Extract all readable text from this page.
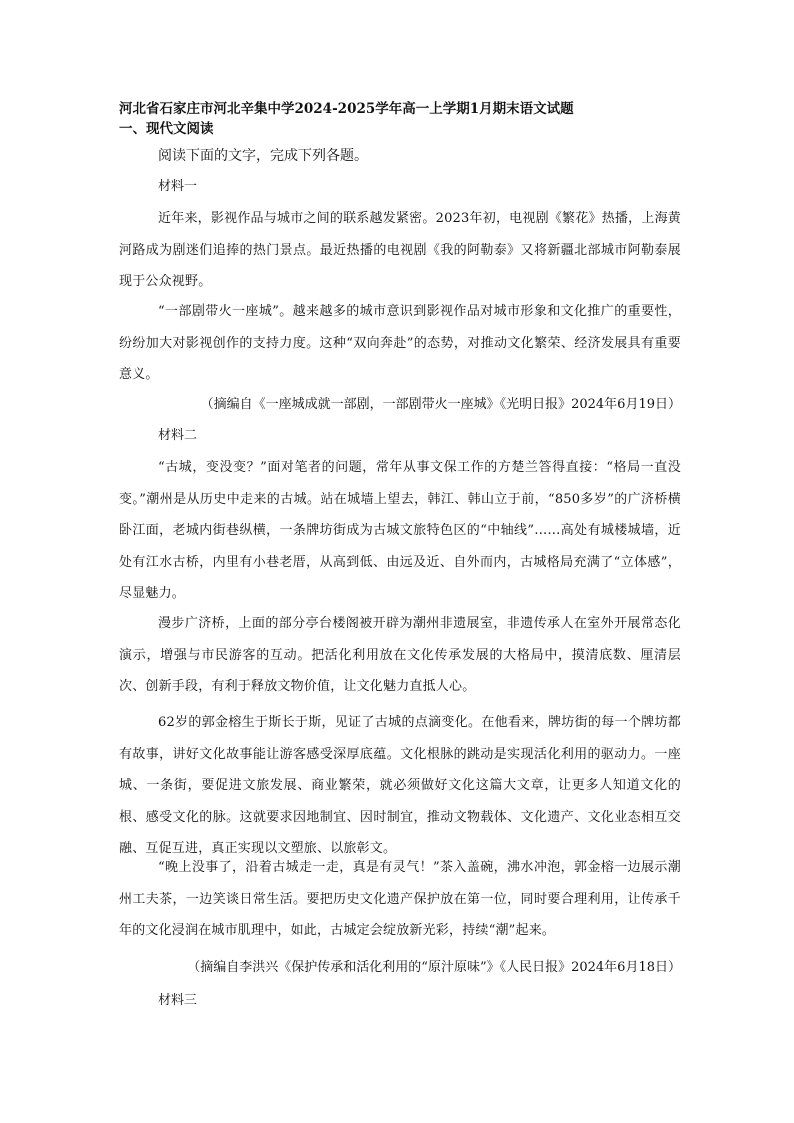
河北省石家庄市河北辛集中学2024-2025学年高一上学期1月期末语文试题
一、现代文阅读
阅读下面的文字，完成下列各题。
材料一
近年来，影视作品与城市之间的联系越发紧密。2023年初，电视剧《繁花》热播，上海黄河路成为剧迷们追捧的热门景点。最近热播的电视剧《我的阿勒泰》又将新疆北部城市阿勒泰展现于公众视野。
“一部剧带火一座城”。越来越多的城市意识到影视作品对城市形象和文化推广的重要性，纷纷加大对影视创作的支持力度。这种“双向奔赴”的态势，对推动文化繁荣、经济发展具有重要意义。
（摘编自《一座城成就一部剧，一部剧带火一座城》《光明日报》2024年6月19日）
材料二
“古城，变没变？”面对笔者的问题，常年从事文保工作的方楚兰答得直接：“格局一直没变。”潮州是从历史中走来的古城。站在城墙上望去，韩江、韩山立于前，“850多岁”的广济桥横卧江面，老城内街巷纵横，一条牌坊街成为古城文旅特色区的“中轴线”……高处有城楼城墙，近处有江水古桥，内里有小巷老厝，从高到低、由远及近、自外而内，古城格局充满了“立体感”，尽显魅力。
漫步广济桥，上面的部分亭台楼阁被开辟为潮州非遗展室，非遗传承人在室外开展常态化演示，增强与市民游客的互动。把活化利用放在文化传承发展的大格局中，摸清底数、厘清层次、创新手段，有利于释放文物价值，让文化魅力直抵人心。
62岁的郭金榕生于斯长于斯，见证了古城的点滴变化。在他看来，牌坊街的每一个牌坊都有故事，讲好文化故事能让游客感受深厚底蕴。文化根脉的跳动是实现活化利用的驱动力。一座城、一条街，要促进文旅发展、商业繁荣，就必须做好文化这篇大文章，让更多人知道文化的根、感受文化的脉。这就要求因地制宜、因时制宜，推动文物载体、文化遗产、文化业态相互交融、互促互进，真正实现以文塑旅、以旅彰文。
“晚上没事了，沿着古城走一走，真是有灵气！”茶入盖碗，沸水冲泡，郭金榕一边展示潮州工夫茶，一边笑谈日常生活。要把历史文化遗产保护放在第一位，同时要合理利用，让传承千年的文化浸润在城市肌理中，如此，古城定会绽放新光彩，持续“潮”起来。
（摘编自李洪兴《保护传承和活化利用的“原汁原味”》《人民日报》2024年6月18日）
材料三
